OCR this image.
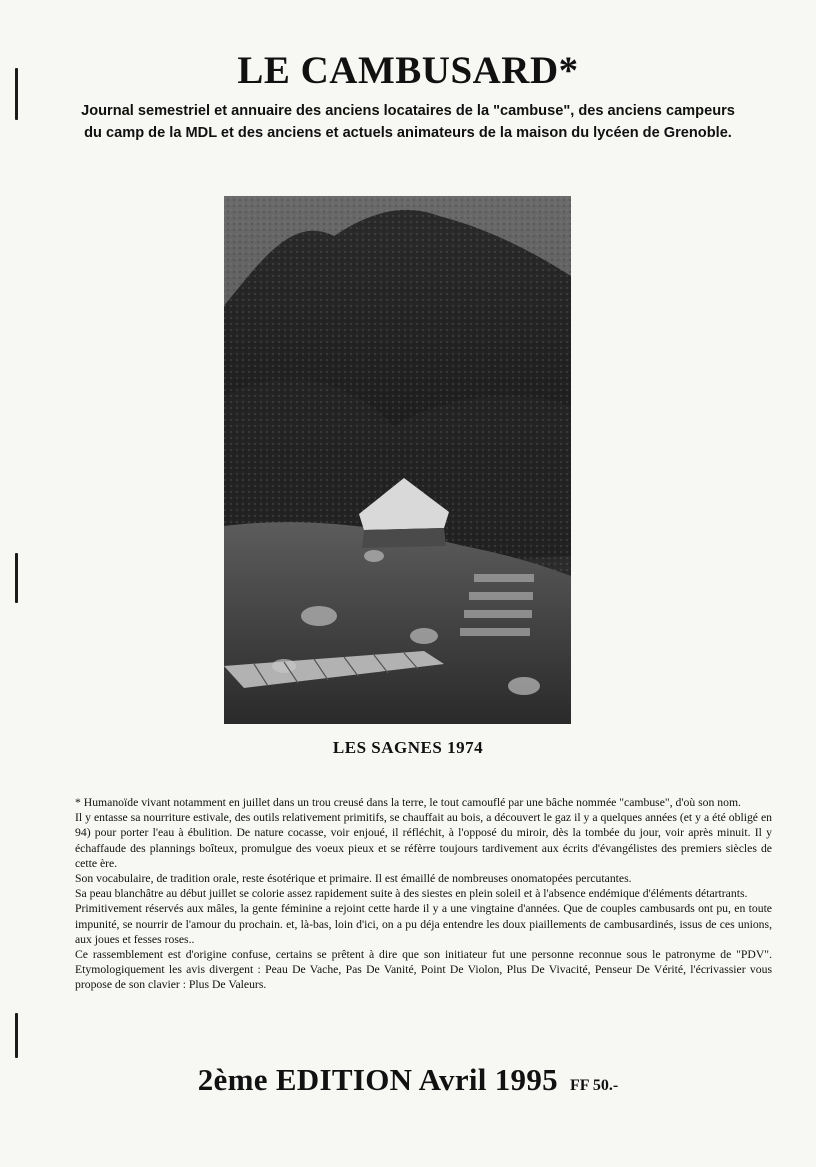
LE CAMBUSARD*
Journal semestriel et annuaire des anciens locataires de la "cambuse", des anciens campeurs
du camp de la MDL et des anciens et actuels animateurs de la maison du lycéen de Grenoble.
LES SAGNES 1974

* Humanoïde vivant notamment en juillet dans un trou creusé dans la terre, le tout camouflé par une bâche nommée "cambuse", d'où son nom.

Il y entasse sa nourriture estivale, des outils relativement primitifs, se chauffait au bois, a découvert le gaz il y a quelques années (et y a été obligé en 94) pour porter l'eau à ébulition. De nature cocasse, voir enjoué, il réfléchit, à l'opposé du miroir, dès la tombée du jour, voir après minuit. Il y échaffaude des plannings boîteux, promulgue des voeux pieux et se réfèrre toujours tardivement aux écrits d'évangélistes des premiers siècles de cette ère.

Son vocabulaire, de tradition orale, reste ésotérique et primaire. Il est émaillé de nombreuses onomatopées percutantes.

Sa peau blanchâtre au début juillet se colorie assez rapidement suite à des siestes en plein soleil et à l'absence endémique d'éléments détartrants.

Primitivement réservés aux mâles, la gente féminine a rejoint cette harde il y a une vingtaine d'années. Que de couples cambusards ont pu, en toute impunité, se nourrir de l'amour du prochain. et, là-bas, loin d'ici, on a pu déja entendre les doux piaillements de cambusardinés, issus de ces unions, aux joues et fesses roses..

Ce rassemblement est d'origine confuse, certains se prêtent à dire que son initiateur fut une personne reconnue sous le patronyme de "PDV". Etymologiquement les avis divergent : Peau De Vache, Pas De Vanité, Point De Violon, Plus De Vivacité, Penseur De Vérité, l'écrivassier vous propose de son clavier : Plus De Valeurs.

2ème EDITION Avril 1995 FF 50.-
